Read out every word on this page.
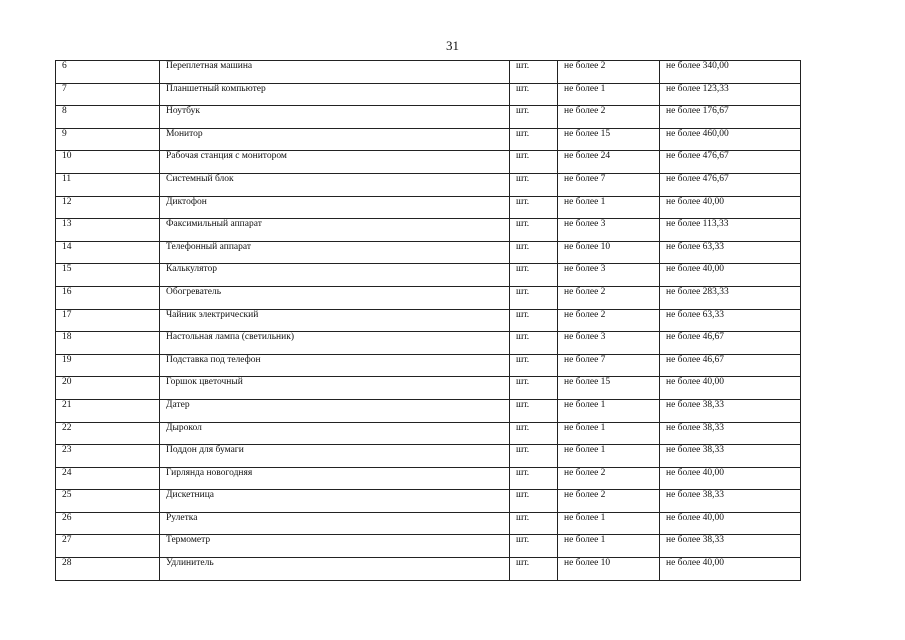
31
6	Переплетная машина	шт.	не более 2	не более 340,00
7	Планшетный компьютер	шт.	не более 1	не более 123,33
8	Ноутбук	шт.	не более 2	не более 176,67
9	Монитор	шт.	не более 15	не более 460,00
10	Рабочая станция с монитором	шт.	не более 24	не более 476,67
11	Системный блок	шт.	не более 7	не более 476,67
12	Диктофон	шт.	не более 1	не более 40,00
13	Факсимильный аппарат	шт.	не более 3	не более 113,33
14	Телефонный аппарат	шт.	не более 10	не более 63,33
15	Калькулятор	шт.	не более 3	не более 40,00
16	Обогреватель	шт.	не более 2	не более 283,33
17	Чайник электрический	шт.	не более 2	не более 63,33
18	Настольная лампа (светильник)	шт.	не более 3	не более 46,67
19	Подставка под телефон	шт.	не более 7	не более 46,67
20	Горшок цветочный	шт.	не более 15	не более 40,00
21	Датер	шт.	не более 1	не более 38,33
22	Дырокол	шт.	не более 1	не более 38,33
23	Поддон для бумаги	шт.	не более 1	не более 38,33
24	Гирлянда новогодняя	шт.	не более 2	не более 40,00
25	Дискетница	шт.	не более 2	не более 38,33
26	Рулетка	шт.	не более 1	не более 40,00
27	Термометр	шт.	не более 1	не более 38,33
28	Удлинитель	шт.	не более 10	не более 40,00
